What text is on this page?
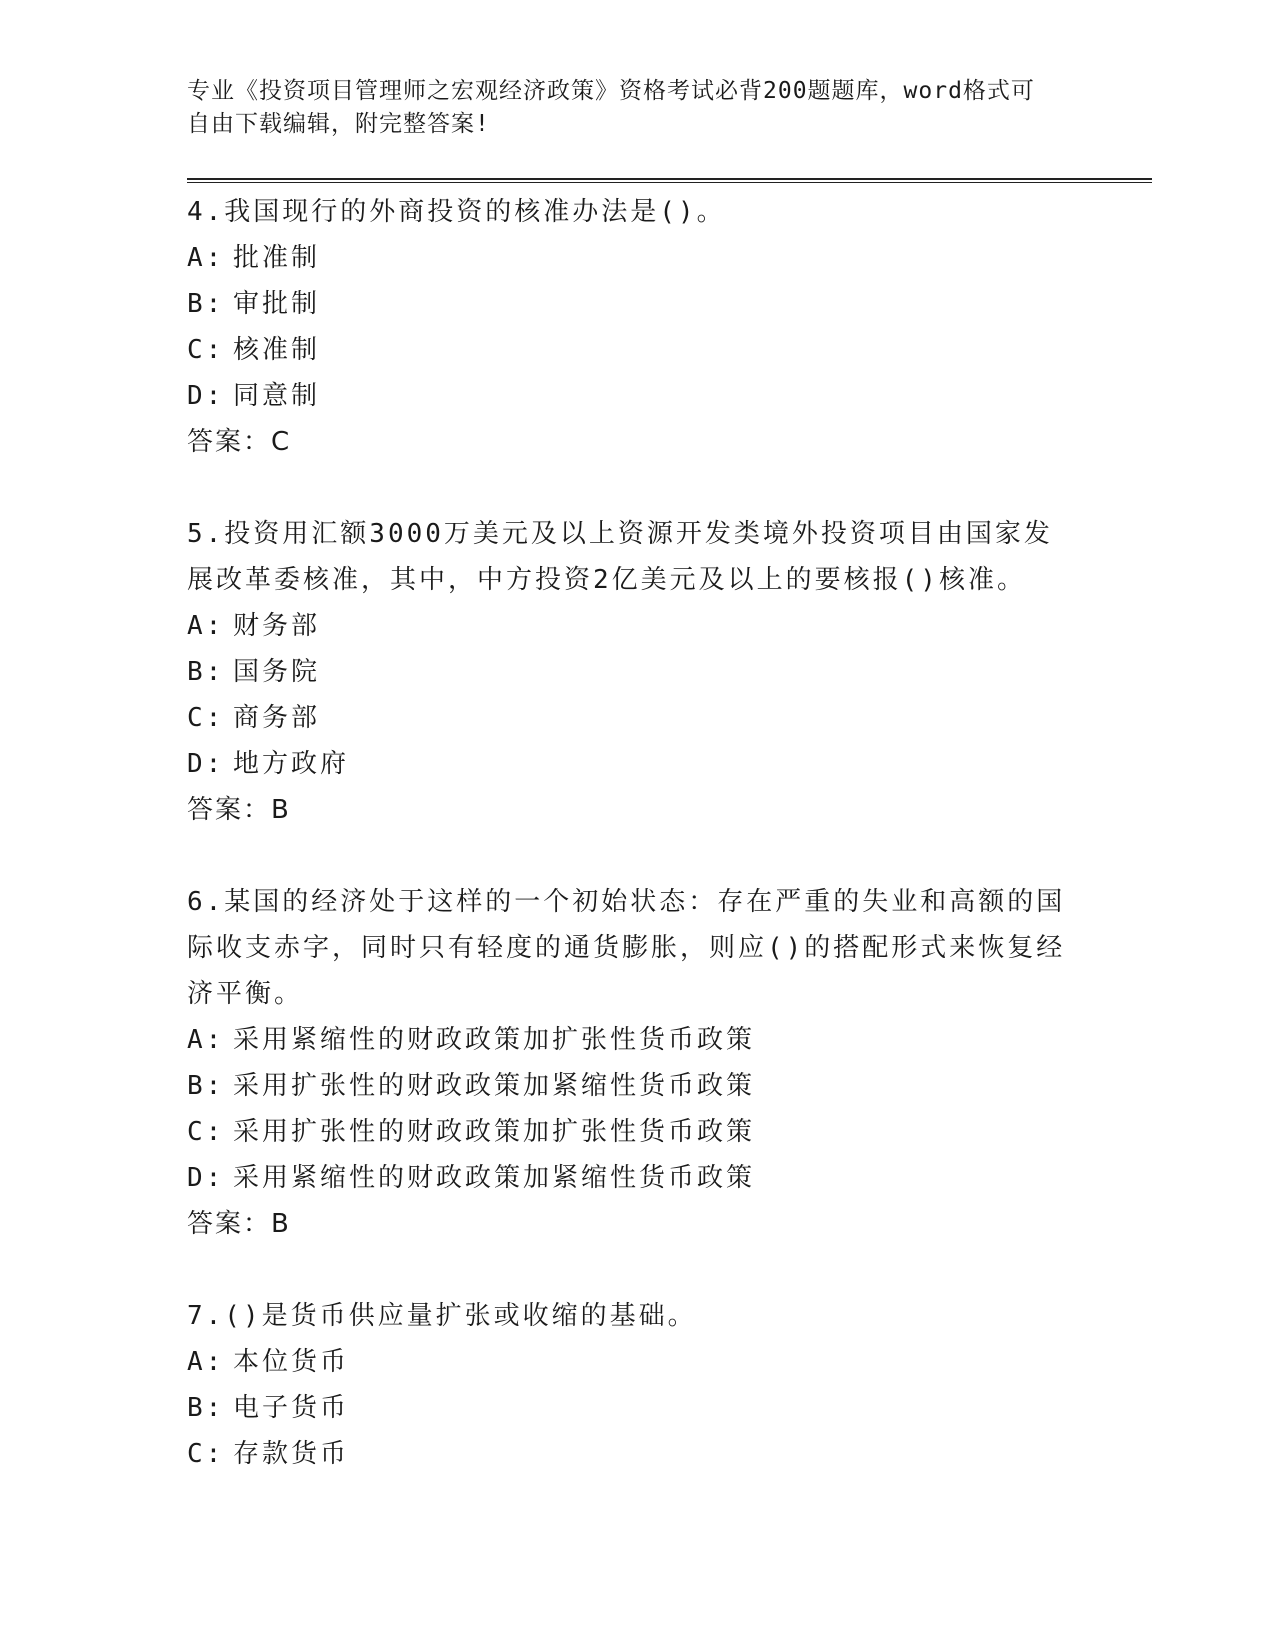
专业《投资项目管理师之宏观经济政策》资格考试必背200题题库，word格式可
自由下载编辑，附完整答案!
4.我国现行的外商投资的核准办法是()。
A: 批准制
B: 审批制
C: 核准制
D: 同意制
答案：C
5.投资用汇额3000万美元及以上资源开发类境外投资项目由国家发展改革委核准，其中，中方投资2亿美元及以上的要核报()核准。
A: 财务部
B: 国务院
C: 商务部
D: 地方政府
答案：B
6.某国的经济处于这样的一个初始状态：存在严重的失业和高额的国际收支赤字，同时只有轻度的通货膨胀，则应()的搭配形式来恢复经济平衡。
A: 采用紧缩性的财政政策加扩张性货币政策
B: 采用扩张性的财政政策加紧缩性货币政策
C: 采用扩张性的财政政策加扩张性货币政策
D: 采用紧缩性的财政政策加紧缩性货币政策
答案：B
7.()是货币供应量扩张或收缩的基础。
A: 本位货币
B: 电子货币
C: 存款货币
